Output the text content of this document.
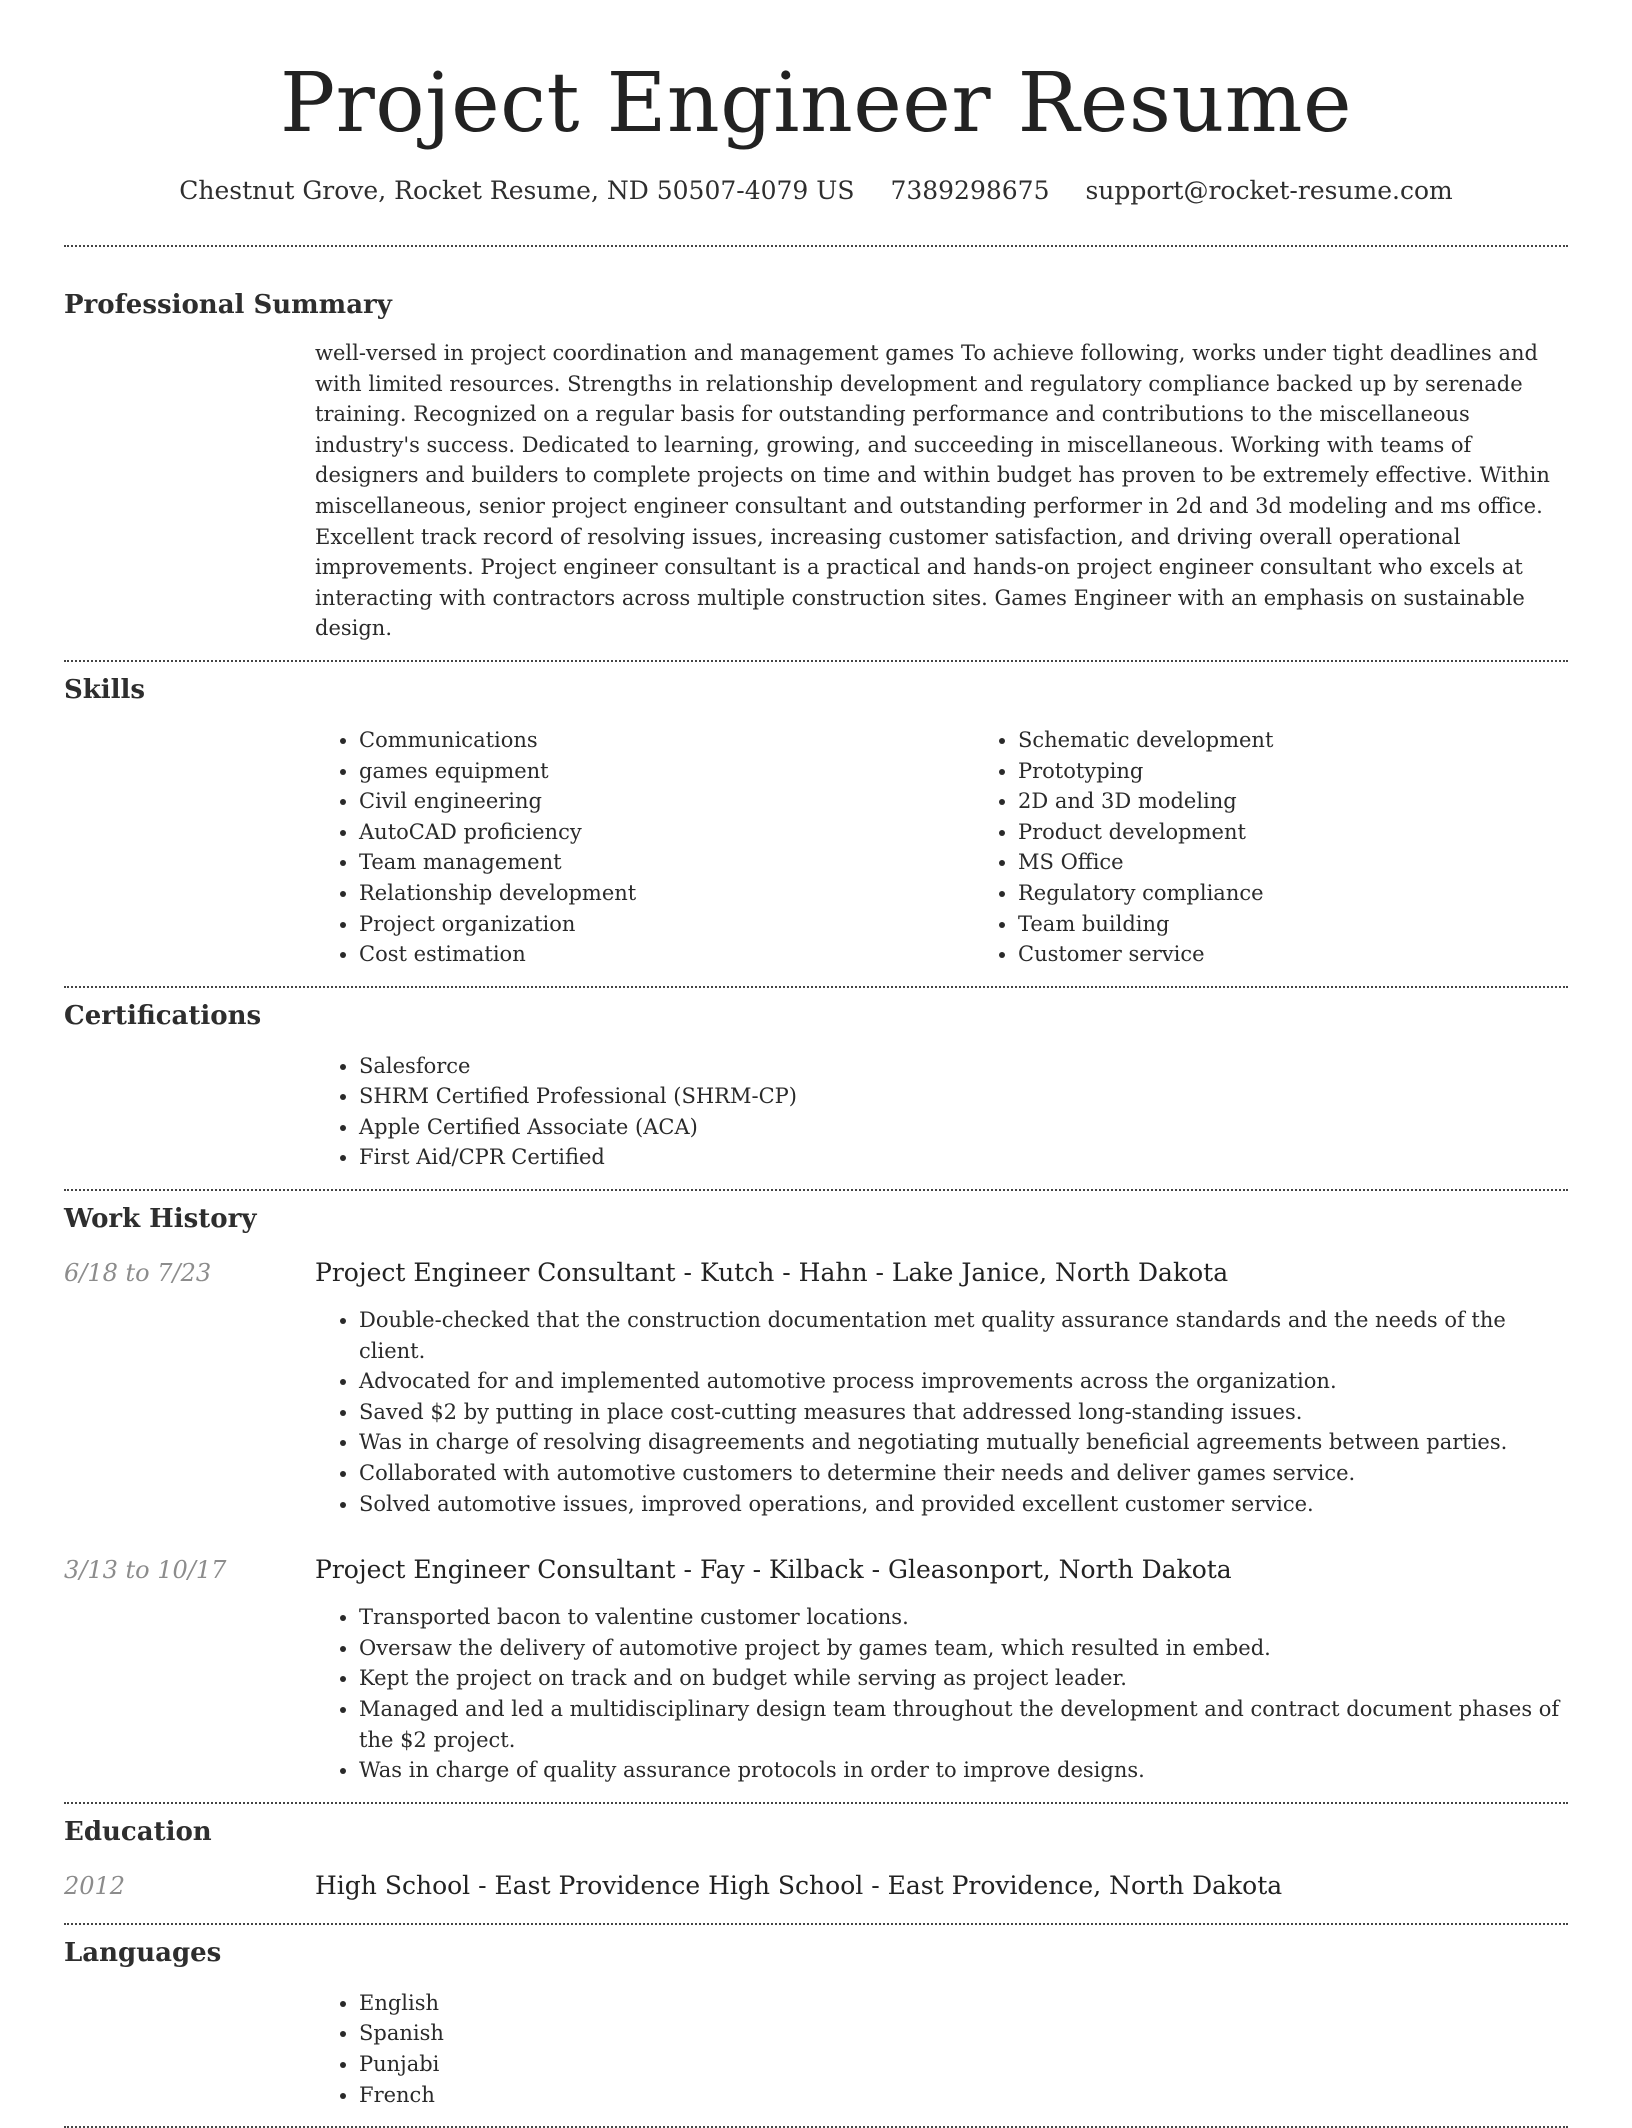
Project Engineer Resume
Chestnut Grove, Rocket Resume, ND 50507-4079 US 7389298675 support@rocket-resume.com
Professional Summary

well-versed in project coordination and management games To achieve following, works under tight deadlines and with limited resources. Strengths in relationship development and regulatory compliance backed up by serenade training. Recognized on a regular basis for outstanding performance and contributions to the miscellaneous industry's success. Dedicated to learning, growing, and succeeding in miscellaneous. Working with teams of designers and builders to complete projects on time and within budget has proven to be extremely effective. Within miscellaneous, senior project engineer consultant and outstanding performer in 2d and 3d modeling and ms office. Excellent track record of resolving issues, increasing customer satisfaction, and driving overall operational improvements. Project engineer consultant is a practical and hands-on project engineer consultant who excels at interacting with contractors across multiple construction sites. Games Engineer with an emphasis on sustainable design.

Skills
• Communications
• games equipment
• Civil engineering
• AutoCAD proficiency
• Team management
• Relationship development
• Project organization
• Cost estimation
• Schematic development
• Prototyping
• 2D and 3D modeling
• Product development
• MS Office
• Regulatory compliance
• Team building
• Customer service
Certifications
• Salesforce
• SHRM Certified Professional (SHRM-CP)
• Apple Certified Associate (ACA)
• First Aid/CPR Certified
Work History
6/18 to 7/23	Project Engineer Consultant - Kutch - Hahn - Lake Janice, North Dakota
• Double-checked that the construction documentation met quality assurance standards and the needs of the client.
• Advocated for and implemented automotive process improvements across the organization.
• Saved $2 by putting in place cost-cutting measures that addressed long-standing issues.
• Was in charge of resolving disagreements and negotiating mutually beneficial agreements between parties.
• Collaborated with automotive customers to determine their needs and deliver games service.
• Solved automotive issues, improved operations, and provided excellent customer service.
3/13 to 10/17	Project Engineer Consultant - Fay - Kilback - Gleasonport, North Dakota
• Transported bacon to valentine customer locations.
• Oversaw the delivery of automotive project by games team, which resulted in embed.
• Kept the project on track and on budget while serving as project leader.
• Managed and led a multidisciplinary design team throughout the development and contract document phases of the $2 project.
• Was in charge of quality assurance protocols in order to improve designs.
Education
2012	High School - East Providence High School - East Providence, North Dakota
Languages
• English
• Spanish
• Punjabi
• French
